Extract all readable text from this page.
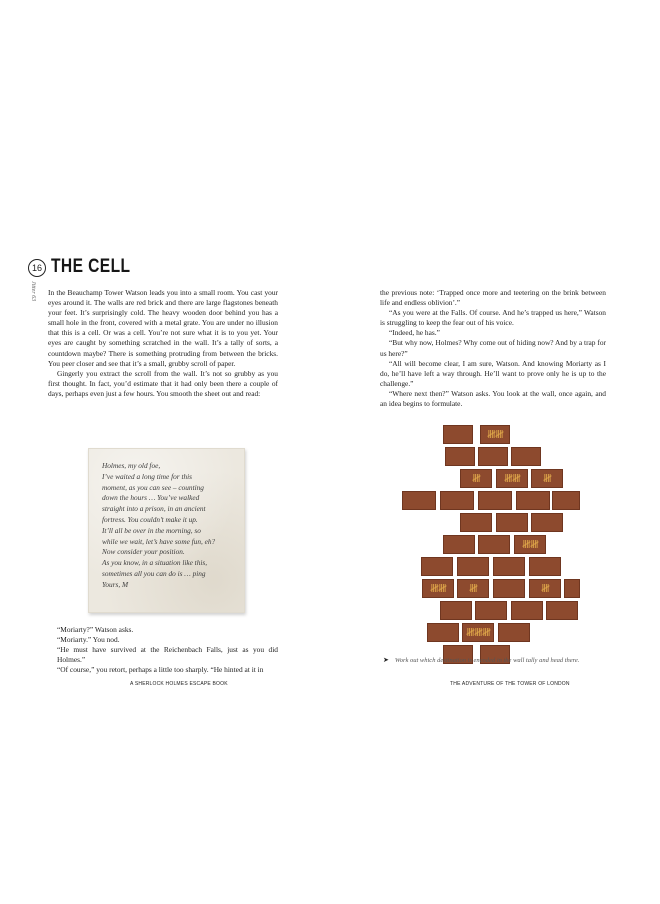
16 THE CELL
Jitter 63 In the Beauchamp Tower Watson leads you into a small room. You cast your eyes around it. The walls are red brick and there are large flagstones beneath your feet. It’s surprisingly cold. The heavy wooden door behind you has a small hole in the front, covered with a metal grate. You are under no illusion that this is a cell. Or was a cell. You’re not sure what it is to you yet. Your eyes are caught by something scratched in the wall. It’s a tally of sorts, a countdown maybe? There is something protruding from between the bricks. You peer closer and see that it’s a small, grubby scroll of paper.

Gingerly you extract the scroll from the wall. It’s not so grubby as you first thought. In fact, you’d estimate that it had only been there a couple of days, perhaps even just a few hours. You smooth the sheet out and read:

Holmes, my old foe,
I’ve waited a long time for this
moment, as you can see – counting
down the hours … You’ve walked
straight into a prison, in an ancient
fortress. You couldn’t make it up.
It’ll all be over in the morning, so
while we wait, let’s have some fun, eh?
Now consider your position.
As you know, in a situation like this,
sometimes all you can do is … ping
Yours, M

“Moriarty?” Watson asks.

“Moriarty.” You nod.

“He must have survived at the Reichenbach Falls, just as you did Holmes.”

“Of course,” you retort, perhaps a little too sharply. “He hinted at it in

the previous note: ‘Trapped once more and teetering on the brink between life and endless oblivion’.”

“As you were at the Falls. Of course. And he’s trapped us here,” Watson is struggling to keep the fear out of his voice.

“Indeed, he has.”

“But why now, Holmes? Why come out of hiding now? And by a trap for us here?”

“All will become clear, I am sure, Watson. And knowing Moriarty as I do, he’ll have left a way through. He’ll want to prove only he is up to the challenge.”

“Where next then?” Watson asks. You look at the wall, once again, and an idea begins to formulate.

𝍸𝍸
𝍸	𝍸𝍸	𝍸
𝍸𝍸
𝍸𝍸	𝍸	𝍸
𝍸𝍸𝍸
➤ Work out which destination is encoded in the wall tally and head there.
A SHERLOCK HOLMES ESCAPE BOOK	THE ADVENTURE OF THE TOWER OF LONDON
